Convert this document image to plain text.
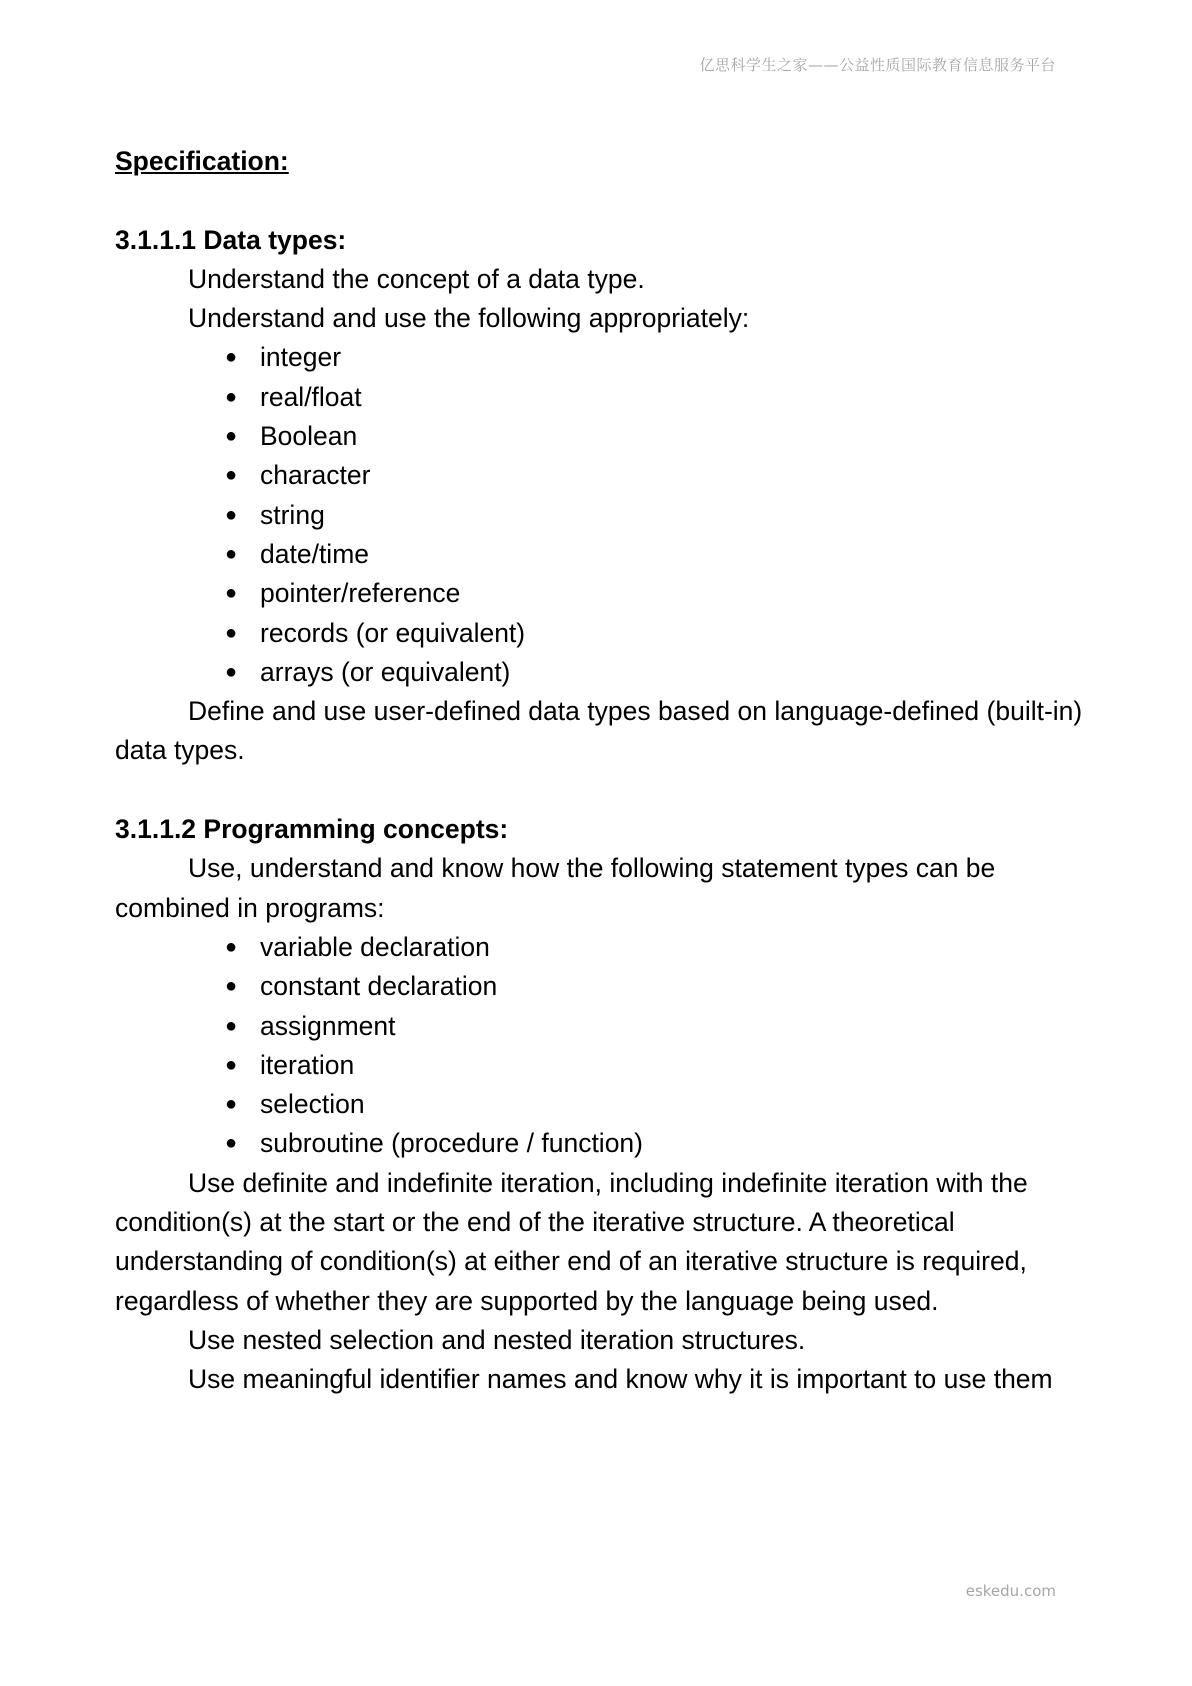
亿思科学生之家——公益性质国际教育信息服务平台

Specification:

3.1.1.1 Data types:

Understand the concept of a data type.

Understand and use the following appropriately:

● integer
● real/float
● Boolean
● character
● string
● date/time
● pointer/reference
● records (or equivalent)
● arrays (or equivalent)

Define and use user-defined data types based on language-defined (built-in) data types.

3.1.1.2 Programming concepts:

Use, understand and know how the following statement types can be combined in programs:

● variable declaration
● constant declaration
● assignment
● iteration
● selection
● subroutine (procedure / function)

Use definite and indefinite iteration, including indefinite iteration with the condition(s) at the start or the end of the iterative structure. A theoretical understanding of condition(s) at either end of an iterative structure is required, regardless of whether they are supported by the language being used.

Use nested selection and nested iteration structures.

Use meaningful identifier names and know why it is important to use them

eskedu.com
